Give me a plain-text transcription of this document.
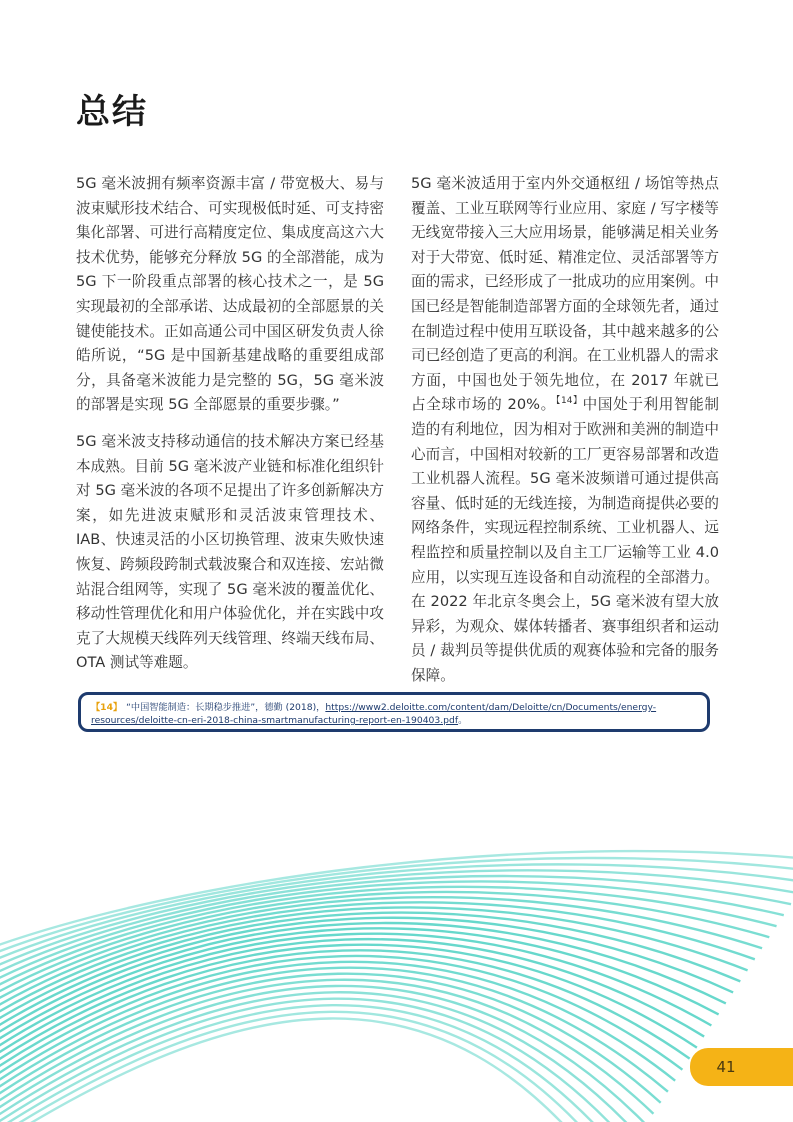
总结

5G 毫米波拥有频率资源丰富 / 带宽极大、易与波束赋形技术结合、可实现极低时延、可支持密集化部署、可进行高精度定位、集成度高这六大技术优势，能够充分释放 5G 的全部潜能，成为 5G 下一阶段重点部署的核心技术之一，是 5G 实现最初的全部承诺、达成最初的全部愿景的关键使能技术。正如高通公司中国区研发负责人徐皓所说，“5G 是中国新基建战略的重要组成部分，具备毫米波能力是完整的 5G，5G 毫米波的部署是实现 5G 全部愿景的重要步骤。”

5G 毫米波支持移动通信的技术解决方案已经基本成熟。目前 5G 毫米波产业链和标准化组织针对 5G 毫米波的各项不足提出了许多创新解决方案，如先进波束赋形和灵活波束管理技术、IAB、快速灵活的小区切换管理、波束失败快速恢复、跨频段跨制式载波聚合和双连接、宏站微站混合组网等，实现了 5G 毫米波的覆盖优化、移动性管理优化和用户体验优化，并在实践中攻克了大规模天线阵列天线管理、终端天线布局、OTA 测试等难题。

5G 毫米波适用于室内外交通枢纽 / 场馆等热点覆盖、工业互联网等行业应用、家庭 / 写字楼等无线宽带接入三大应用场景，能够满足相关业务对于大带宽、低时延、精准定位、灵活部署等方面的需求，已经形成了一批成功的应用案例。中国已经是智能制造部署方面的全球领先者，通过在制造过程中使用互联设备，其中越来越多的公司已经创造了更高的利润。在工业机器人的需求方面，中国也处于领先地位，在 2017 年就已占全球市场的 20%。$^{【14】}$中国处于利用智能制造的有利地位，因为相对于欧洲和美洲的制造中心而言，中国相对较新的工厂更容易部署和改造工业机器人流程。5G 毫米波频谱可通过提供高容量、低时延的无线连接，为制造商提供必要的网络条件，实现远程控制系统、工业机器人、远程监控和质量控制以及自主工厂运输等工业 4.0 应用，以实现互连设备和自动流程的全部潜力。在 2022 年北京冬奥会上，5G 毫米波有望大放异彩，为观众、媒体转播者、赛事组织者和运动员 / 裁判员等提供优质的观赛体验和完备的服务保障。

【14】 “中国智能制造：长期稳步推进”，德勤 (2018)，https://www2.deloitte.com/content/dam/Deloitte/cn/Documents/energy-resources/deloitte-cn-eri-2018-china-smartmanufacturing-report-en-190403.pdf。
41
